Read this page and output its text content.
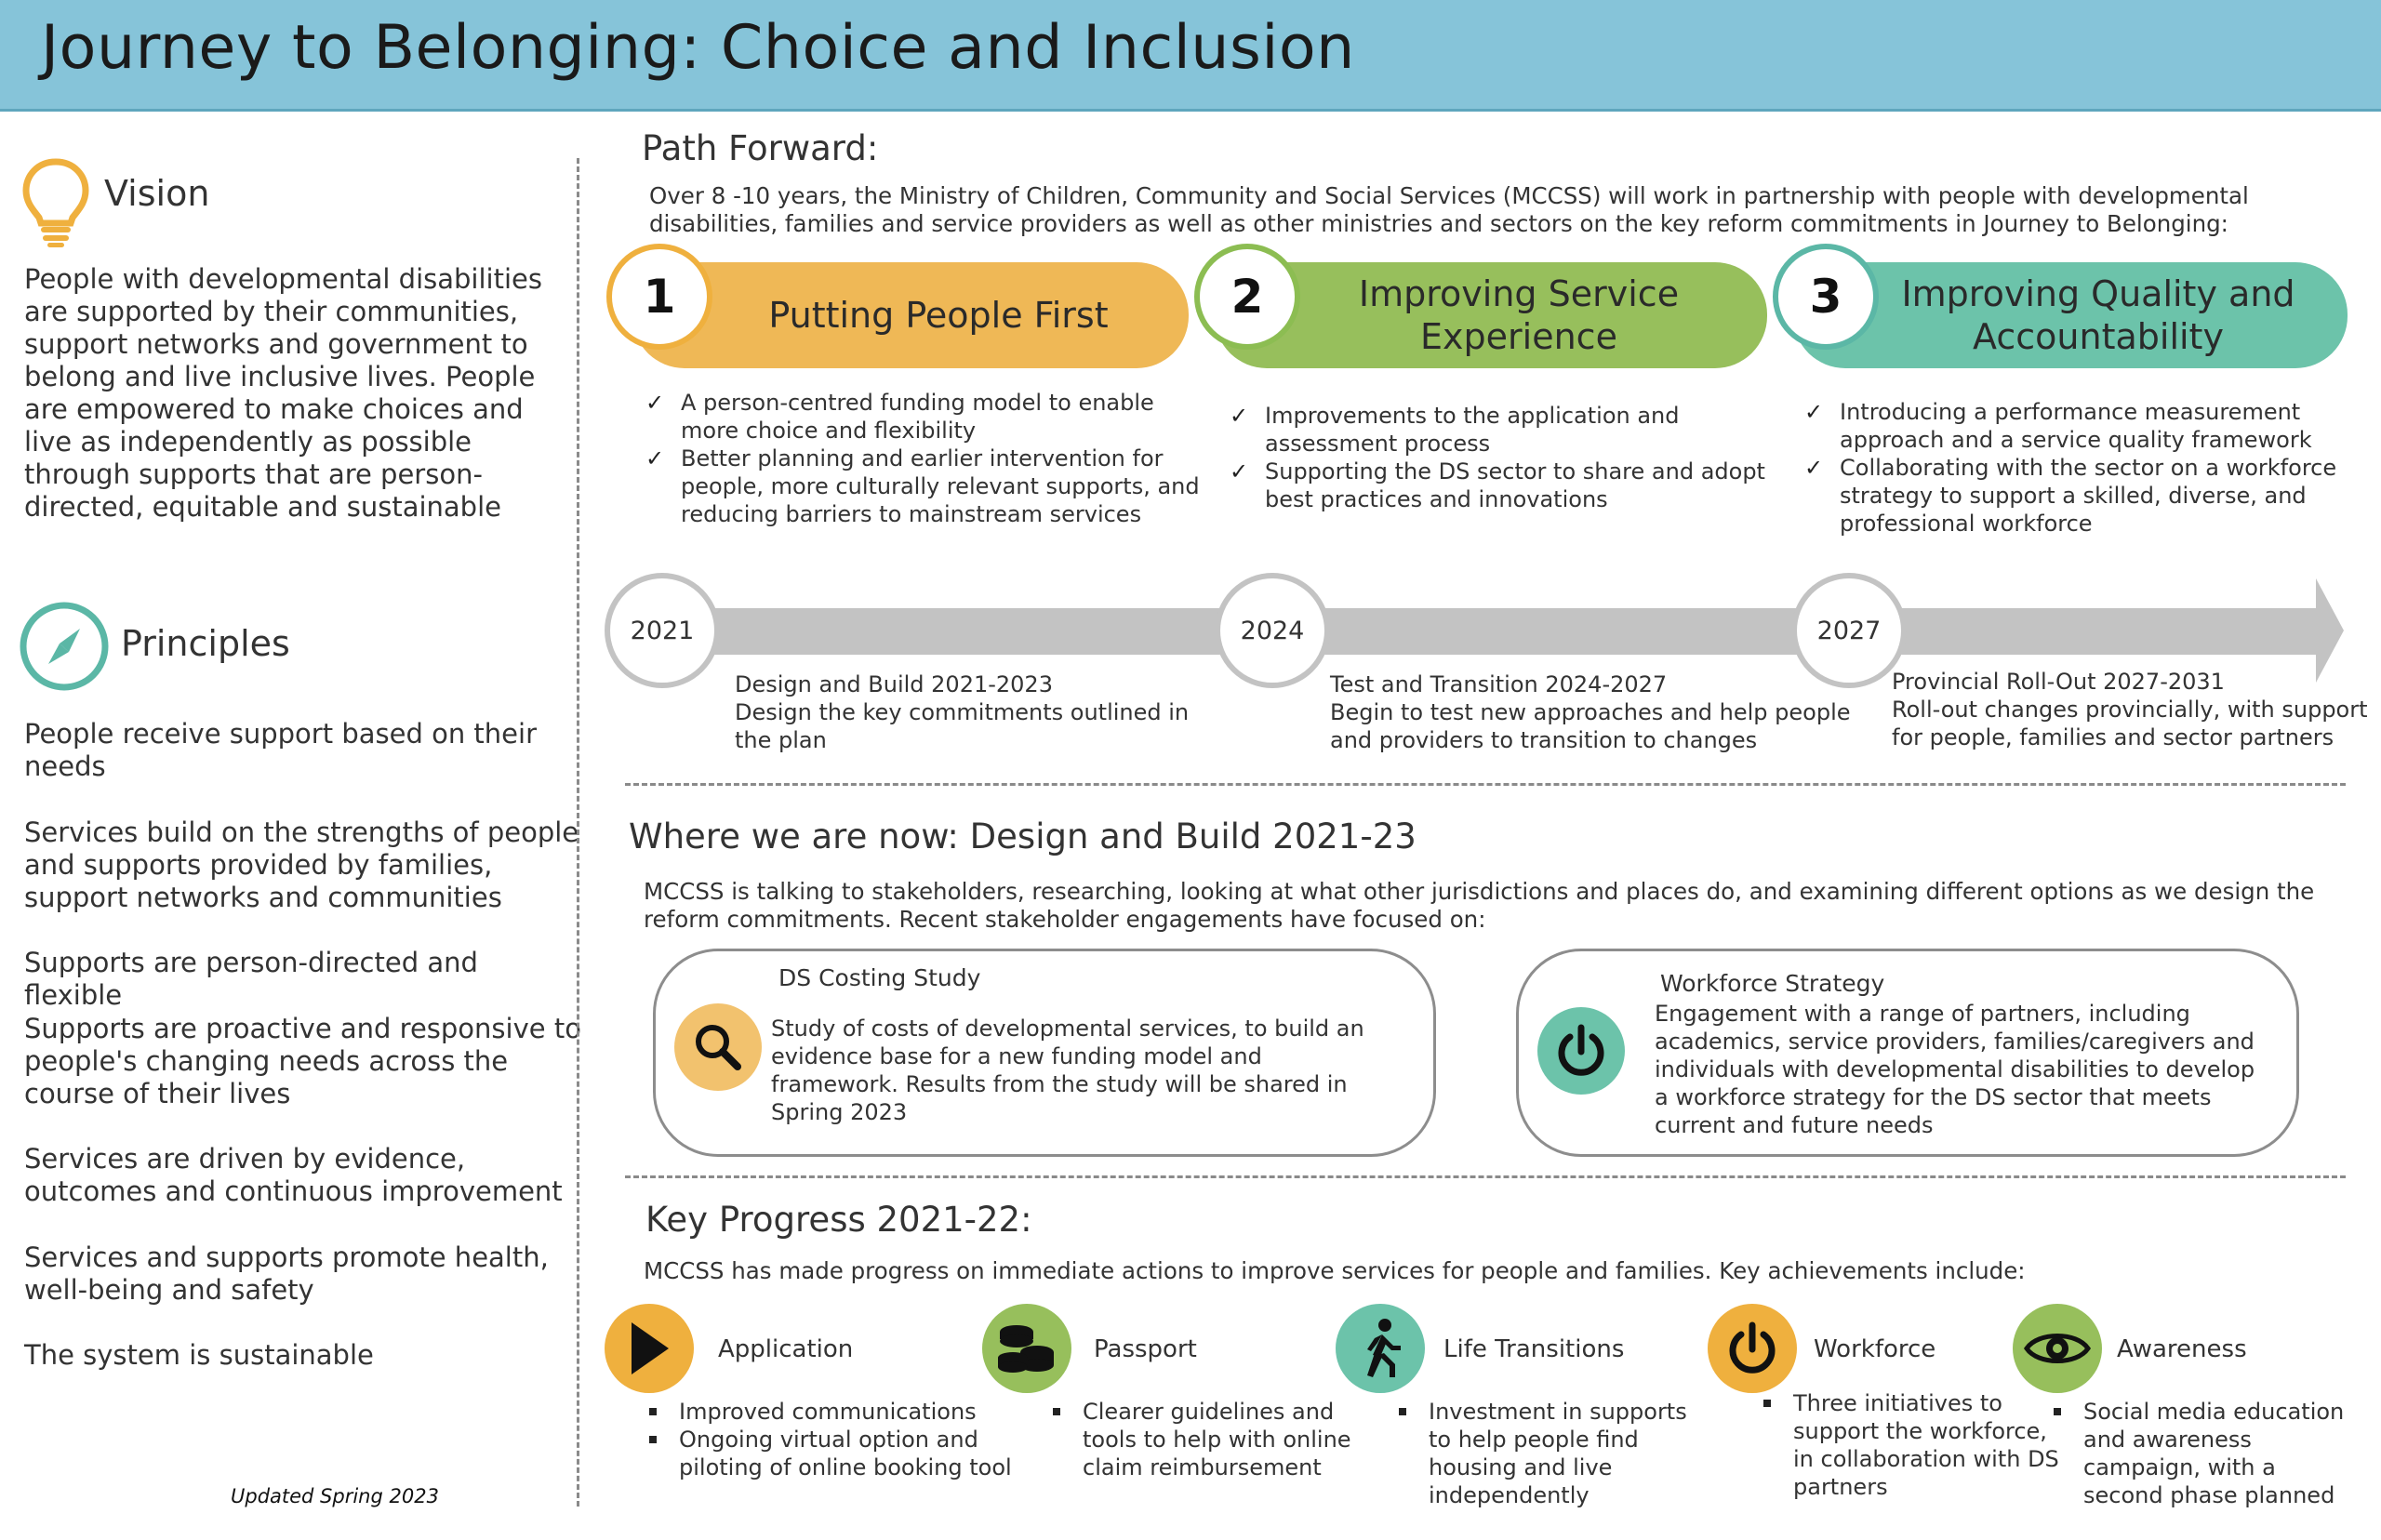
Journey to Belonging: Choice and Inclusion
Vision
People with developmental disabilities are supported by their communities, support networks and government to belong and live inclusive lives. People are empowered to make choices and live as independently as possible through supports that are person-directed, equitable and sustainable
Principles
People receive support based on their needs
Services build on the strengths of people and supports provided by families, support networks and communities
Supports are person-directed and flexible
Supports are proactive and responsive to people's changing needs across the course of their lives
Services are driven by evidence, outcomes and continuous improvement
Services and supports promote health, well-being and safety
The system is sustainable
Updated Spring 2023
Path Forward:
Over 8 -10 years, the Ministry of Children, Community and Social Services (MCCSS) will work in partnership with people with developmental disabilities, families and service providers as well as other ministries and sectors on the key reform commitments in Journey to Belonging:
Putting People First
1	Improving Service Experience
2	Improving Quality and Accountability
3
✓ A person-centred funding model to enable more choice and flexibility
✓ Better planning and earlier intervention for people, more culturally relevant supports, and reducing barriers to mainstream services
✓ Improvements to the application and assessment process
✓ Supporting the DS sector to share and adopt best practices and innovations
✓ Introducing a performance measurement approach and a service quality framework
✓ Collaborating with the sector on a workforce strategy to support a skilled, diverse, and professional workforce
2021	2024	2027
Design and Build 2021-2023
Design the key commitments outlined in the plan
Test and Transition 2024-2027
Begin to test new approaches and help people and providers to transition to changes
Provincial Roll-Out 2027-2031
Roll-out changes provincially, with support for people, families and sector partners
Where we are now: Design and Build 2021-23
MCCSS is talking to stakeholders, researching, looking at what other jurisdictions and places do, and examining different options as we design the reform commitments. Recent stakeholder engagements have focused on:
DS Costing Study
Study of costs of developmental services, to build an evidence base for a new funding model and framework. Results from the study will be shared in Spring 2023
Workforce Strategy
Engagement with a range of partners, including academics, service providers, families/caregivers and individuals with developmental disabilities to develop a workforce strategy for the DS sector that meets current and future needs
Key Progress 2021-22:
MCCSS has made progress on immediate actions to improve services for people and families. Key achievements include:
Application
Improved communications
Ongoing virtual option and piloting of online booking tool
Passport
Clearer guidelines and tools to help with online claim reimbursement
Life Transitions
Investment in supports to help people find housing and live independently
Workforce
Three initiatives to support the workforce, in collaboration with DS partners
Awareness
Social media education and awareness campaign, with a second phase planned
